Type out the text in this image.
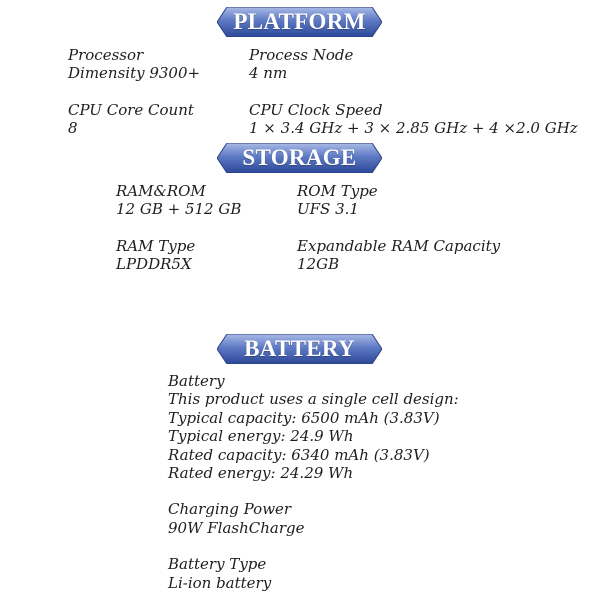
PLATFORM
Processor
Dimensity 9300+
Process Node
4 nm
CPU Core Count
8
CPU Clock Speed
1 × 3.4 GHz + 3 × 2.85 GHz + 4 ×2.0 GHz
STORAGE
RAM&ROM
12 GB + 512 GB
ROM Type
UFS 3.1
RAM Type
LPDDR5X
Expandable RAM Capacity
12GB
BATTERY
Battery
This product uses a single cell design:
Typical capacity: 6500 mAh (3.83V)
Typical energy: 24.9 Wh
Rated capacity: 6340 mAh (3.83V)
Rated energy: 24.29 Wh
Charging Power
90W FlashCharge
Battery Type
Li-ion battery
